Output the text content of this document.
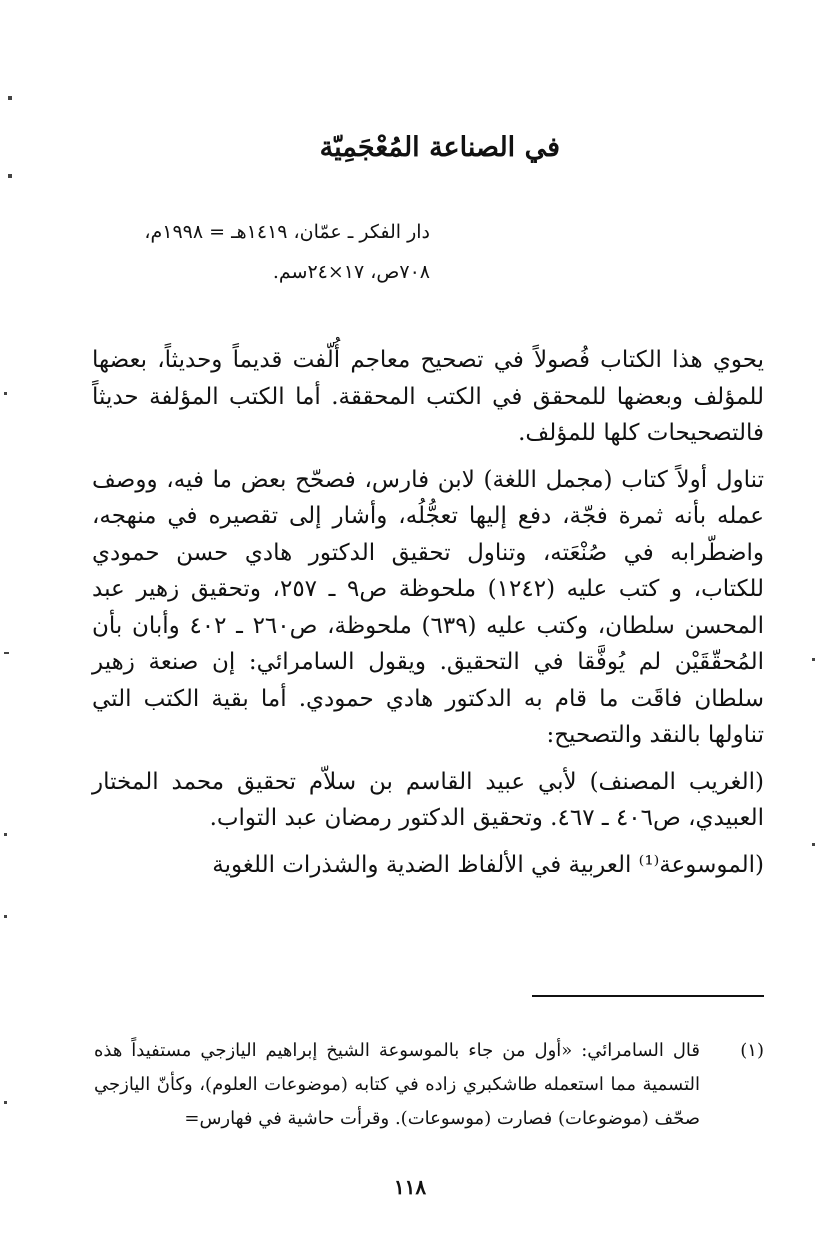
في الصناعة المُعْجَمِيّة
دار الفكر ـ عمّان، ١٤١٩هـ = ١٩٩٨م،
٧٠٨ص، ١٧×٢٤سم.

يحوي هذا الكتاب فُصولاً في تصحيح معاجم أُلّفت قديماً وحديثاً، بعضها للمؤلف وبعضها للمحقق في الكتب المحققة. أما الكتب المؤلفة حديثاً فالتصحيحات كلها للمؤلف.

تناول أولاً كتاب (مجمل اللغة) لابن فارس، فصحّح بعض ما فيه، ووصف عمله بأنه ثمرة فجّة، دفع إليها تعجُّلُه، وأشار إلى تقصيره في منهجه، واضطّرابه في صُنْعَته، وتناول تحقيق الدكتور هادي حسن حمودي للكتاب، و كتب عليه (١٢٤٢) ملحوظة ص٩ ـ ٢٥٧، وتحقيق زهير عبد المحسن سلطان، وكتب عليه (٦٣٩) ملحوظة، ص٢٦٠ ـ ٤٠٢ وأبان بأن المُحقّقَيْن لم يُوفَّقا في التحقيق. ويقول السامرائي: إن صنعة زهير سلطان فاقَت ما قام به الدكتور هادي حمودي. أما بقية الكتب التي تناولها بالنقد والتصحيح:

(الغريب المصنف) لأبي عبيد القاسم بن سلاّم تحقيق محمد المختار العبيدي، ص٤٠٦ ـ ٤٦٧. وتحقيق الدكتور رمضان عبد التواب.

(الموسوعة⁽¹⁾ العربية في الألفاظ الضدية والشذرات اللغوية

(١)
قال السامرائي: «أول من جاء بالموسوعة الشيخ إبراهيم اليازجي مستفيداً هذه التسمية مما استعمله طاشكبري زاده في كتابه (موضوعات العلوم)، وكأنّ اليازجي صحّف (موضوعات) فصارت (موسوعات). وقرأت حاشية في فهارس=
١١٨
